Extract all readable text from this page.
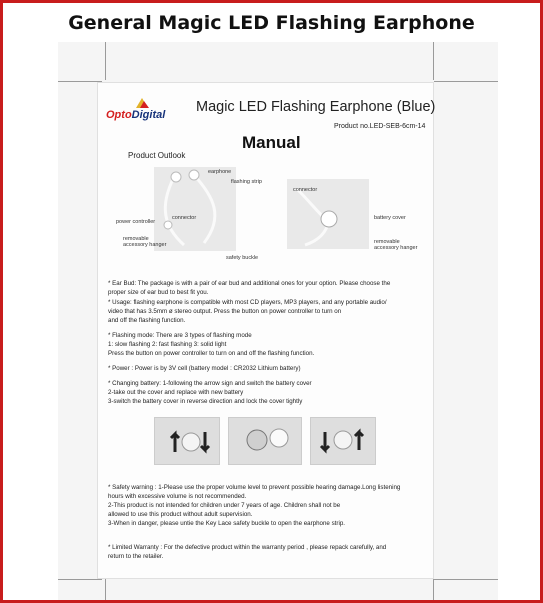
General Magic LED Flashing Earphone
OptoDigital Magic LED Flashing Earphone (Blue)
Product no.LED-SEB-6cm-14
Manual
Product Outlook
earphone
flashing strip
power controller
connector
removable
accessory hanger
safety buckle
connector
battery cover
removable
accessory hanger
* Ear Bud: The package is with a pair of ear bud and additional ones for your option. Please choose the
proper size of ear bud to best fit you.
* Usage: flashing earphone is compatible with most CD players, MP3 players, and any portable audio/
video that has 3.5mm ø stereo output. Press the button on power controller to turn on
and off the flashing function.
* Flashing mode: There are 3 types of flashing mode
1: slow flashing 2: fast flashing 3: solid light
Press the button on power controller to turn on and off the flashing function.
* Power : Power is by 3V cell (battery model : CR2032 Lithium battery)
* Changing battery: 1-following the arrow sign and switch the battery cover
2-take out the cover and replace with new battery
3-switch the battery cover in reverse direction and lock the cover tightly
* Safety warning : 1-Please use the proper volume level to prevent possible hearing damage.Long listening
hours with excessive volume is not recommended.
2-This product is not intended for children under 7 years of age. Children shall not be
allowed to use this product without adult supervision.
3-When in danger, please untie the Key Lace safety buckle to open the earphone strip.
* Limited Warranty : For the defective product within the warranty period , please repack carefully, and
return to the retailer.
